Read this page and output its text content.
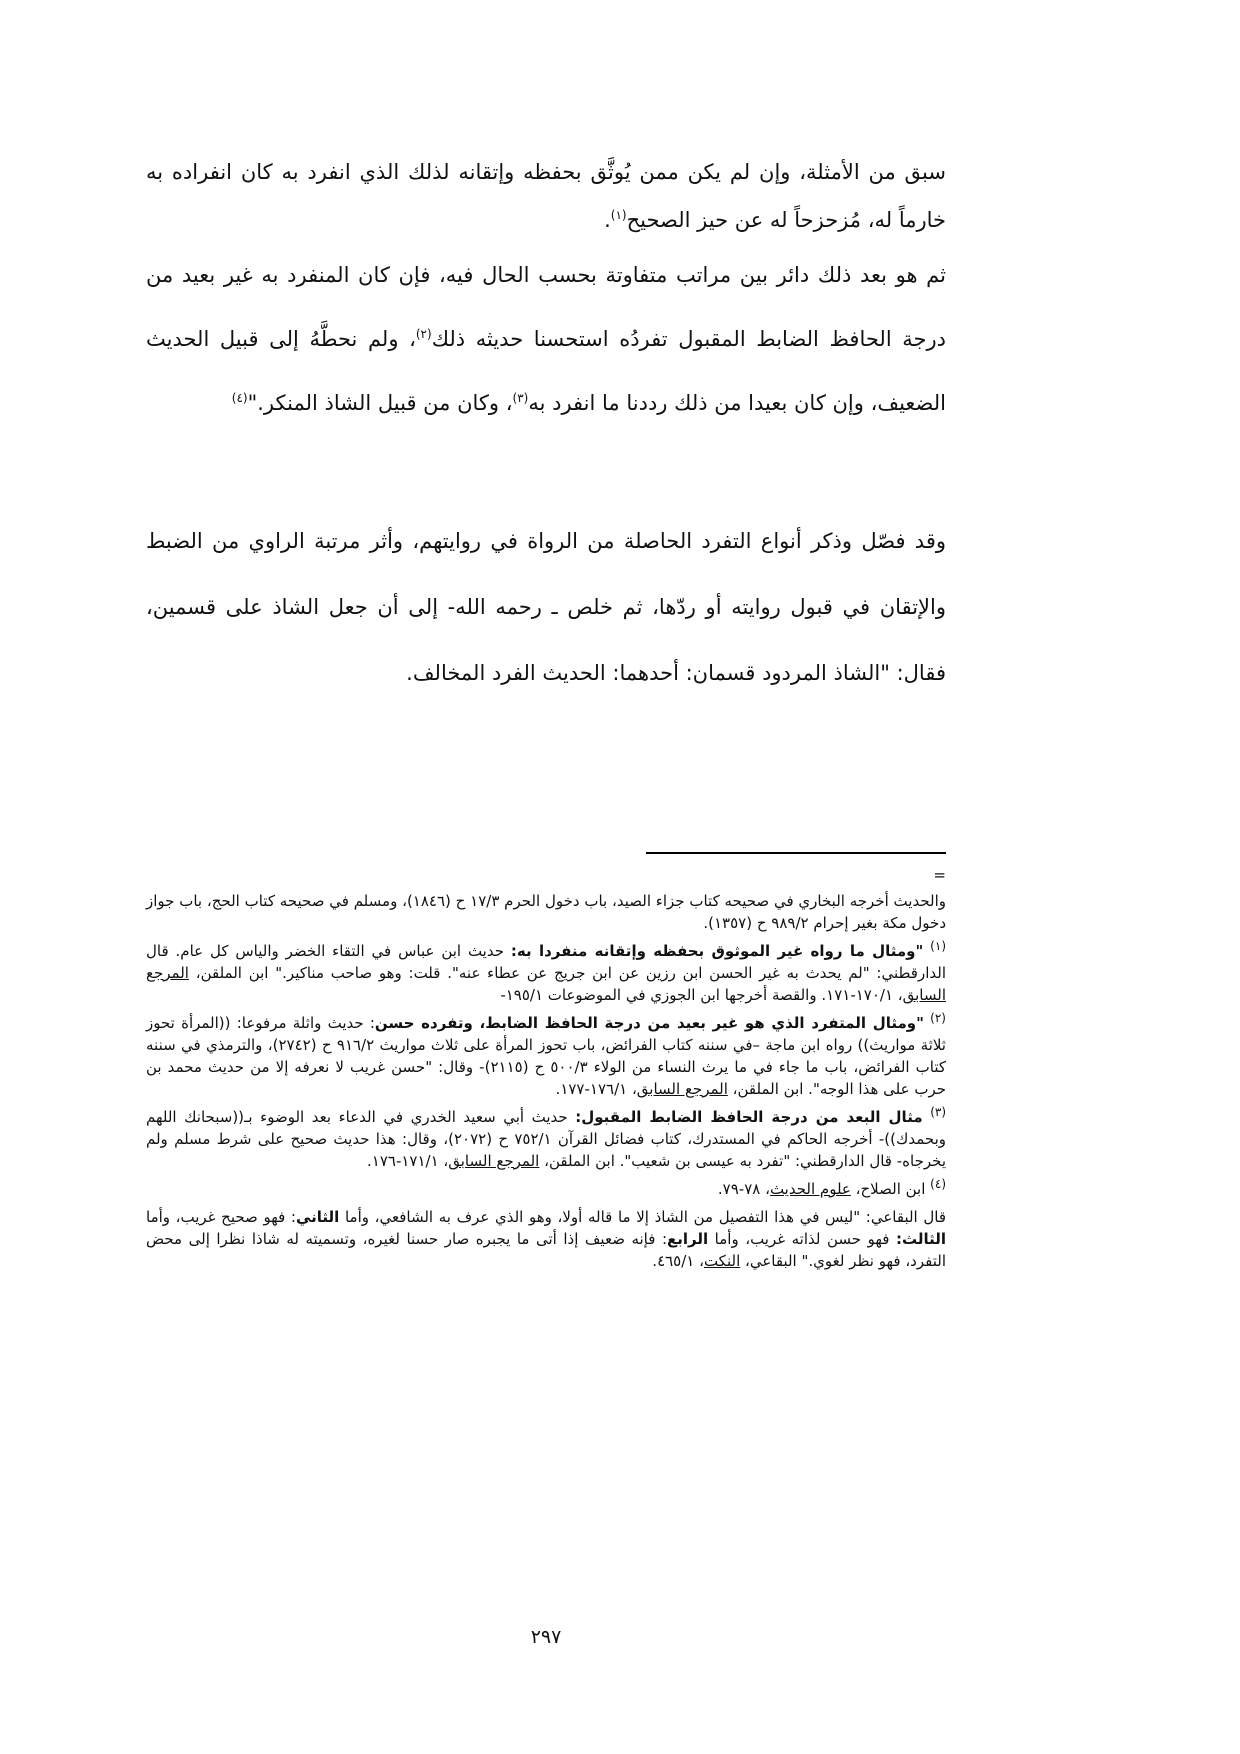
سبق من الأمثلة، وإن لم يكن ممن يُوثَّق بحفظه وإتقانه لذلك الذي انفرد به كان انفراده به خارماً له، مُزحزحاً له عن حيز الصحيح$^{(١)}$.

ثم هو بعد ذلك دائر بين مراتب متفاوتة بحسب الحال فيه، فإن كان المنفرد به غير بعيد من درجة الحافظ الضابط المقبول تفردُه استحسنا حديثه ذلك$^{(٢)}$، ولم نحطَّهُ إلى قبيل الحديث الضعيف، وإن كان بعيدا من ذلك رددنا ما انفرد به$^{(٣)}$، وكان من قبيل الشاذ المنكر."$^{(٤)}$

وقد فصّل وذكر أنواع التفرد الحاصلة من الرواة في روايتهم، وأثر مرتبة الراوي من الضبط والإتقان في قبول روايته أو ردّها، ثم خلص ـ رحمه الله- إلى أن جعل الشاذ على قسمين، فقال: "الشاذ المردود قسمان: أحدهما: الحديث الفرد المخالف.

=

والحديث أخرجه البخاري في صحيحه كتاب جزاء الصيد، باب دخول الحرم ١٧/٣ ح (١٨٤٦)، ومسلم في صحيحه كتاب الحج، باب جواز دخول مكة بغير إحرام ٩٨٩/٢ ح (١٣٥٧).

$^{(١)}$ "ومثال ما رواه غير الموثوق بحفظه وإتقانه منفردا به: حديث ابن عباس في التقاء الخضر والياس كل عام. قال الدارقطني: "لم يحدث به غير الحسن ابن رزين عن ابن جريج عن عطاء عنه". قلت: وهو صاحب مناكير." ابن الملقن، المرجع السابق، ١٧٠/١-١٧١. والقصة أخرجها ابن الجوزي في الموضوعات ١٩٥/١-

$^{(٢)}$ "ومثال المتفرد الذي هو غير بعيد من درجة الحافظ الضابط، وتفرده حسن: حديث واثلة مرفوعا: ((المرأة تحوز ثلاثة مواريث)) رواه ابن ماجة –في سننه كتاب الفرائض، باب تحوز المرأة على ثلاث مواريث ٩١٦/٢ ح (٢٧٤٢)، والترمذي في سننه كتاب الفرائض، باب ما جاء في ما يرث النساء من الولاء ٥٠٠/٣ ح (٢١١٥)- وقال: "حسن غريب لا نعرفه إلا من حديث محمد بن حرب على هذا الوجه". ابن الملقن، المرجع السابق، ١٧٦/١-١٧٧.

$^{(٣)}$ مثال البعد من درجة الحافظ الضابط المقبول: حديث أبي سعيد الخدري في الدعاء بعد الوضوء بـ((سبحانك اللهم وبحمدك))- أخرجه الحاكم في المستدرك، كتاب فضائل القرآن ٧٥٢/١ ح (٢٠٧٢)، وقال: هذا حديث صحيح على شرط مسلم ولم يخرجاه- قال الدارقطني: "تفرد به عيسى بن شعيب". ابن الملقن، المرجع السابق، ١٧١/١-١٧٦.

$^{(٤)}$ ابن الصلاح، علوم الحديث، ٧٨-٧٩.

قال البقاعي: "ليس في هذا التفصيل من الشاذ إلا ما قاله أولا، وهو الذي عرف به الشافعي، وأما الثاني: فهو صحيح غريب، وأما الثالث: فهو حسن لذاته غريب، وأما الرابع: فإنه ضعيف إذا أتى ما يجبره صار حسنا لغيره، وتسميته له شاذا نظرا إلى محض التفرد، فهو نظر لغوي." البقاعي، النكت، ٤٦٥/١.

٢٩٧
